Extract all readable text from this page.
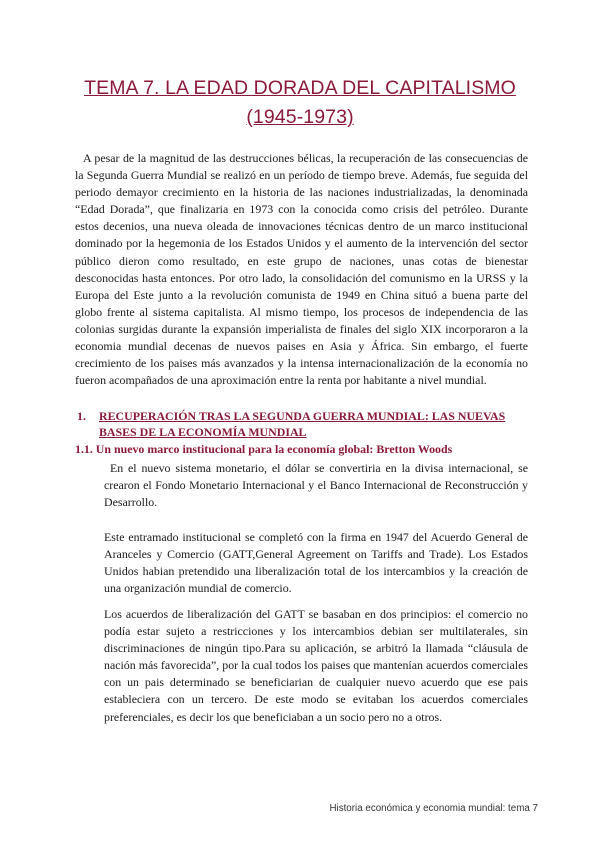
TEMA 7. LA EDAD DORADA DEL CAPITALISMO
(1945-1973)

A pesar de la magnitud de las destrucciones bélicas, la recuperación de las consecuencias de la Segunda Guerra Mundial se realizó en un período de tiempo breve. Además, fue seguida del periodo demayor crecimiento en la historia de las naciones industrializadas, la denominada “Edad Dorada”, que finalizaria en 1973 con la conocida como crisis del petróleo. Durante estos decenios, una nueva oleada de innovaciones técnicas dentro de un marco institucional dominado por la hegemonia de los Estados Unidos y el aumento de la intervención del sector público dieron como resultado, en este grupo de naciones, unas cotas de bienestar desconocidas hasta entonces. Por otro lado, la consolidación del comunismo en la URSS y la Europa del Este junto a la revolución comunista de 1949 en China situó a buena parte del globo frente al sistema capitalista. Al mismo tiempo, los procesos de independencia de las colonias surgidas durante la expansión imperialista de finales del siglo XIX incorporaron a la economia mundial decenas de nuevos paises en Asia y África. Sin embargo, el fuerte crecimiento de los paises más avanzados y la intensa internacionalización de la economía no fueron acompañados de una aproximación entre la renta por habitante a nivel mundial.

1. RECUPERACIÓN TRAS LA SEGUNDA GUERRA MUNDIAL: LAS NUEVAS BASES DE LA ECONOMÍA MUNDIAL
1.1. Un nuevo marco institucional para la economía global: Bretton Woods

En el nuevo sistema monetario, el dólar se convertiria en la divisa internacional, se crearon el Fondo Monetario Internacional y el Banco Internacional de Reconstrucción y Desarrollo.

Este entramado institucional se completó con la firma en 1947 del Acuerdo General de Aranceles y Comercio (GATT,General Agreement on Tariffs and Trade). Los Estados Unidos habian pretendido una liberalización total de los intercambios y la creación de una organización mundial de comercio.

Los acuerdos de liberalización del GATT se basaban en dos principios: el comercio no podía estar sujeto a restricciones y los intercambios debian ser multilaterales, sin discriminaciones de ningún tipo.Para su aplicación, se arbitró la llamada “cláusula de nación más favorecida”, por la cual todos los paises que mantenían acuerdos comerciales con un pais determinado se beneficiarian de cualquier nuevo acuerdo que ese pais estableciera con un tercero. De este modo se evitaban los acuerdos comerciales preferenciales, es decir los que beneficiaban a un socio pero no a otros.

Historia económica y economia mundial: tema 7
